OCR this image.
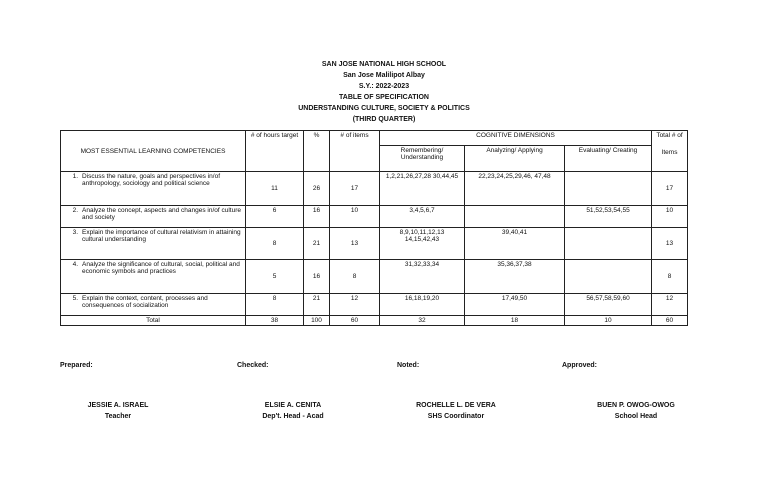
SAN JOSE NATIONAL HIGH SCHOOL
San Jose Malilipot Albay
S.Y.: 2022-2023
TABLE OF SPECIFICATION
UNDERSTANDING CULTURE, SOCIETY & POLITICS
(THIRD QUARTER)
MOST ESSENTIAL LEARNING COMPETENCIES	# of hours target	%	# of items	COGNITIVE DIMENSIONS			Total # of
Items

				Remembering/ Understanding	Analyzing/ Applying	Evaluating/ Creating	

1. Discuss the nature, goals and perspectives in/of anthropology, sociology and political science	11	26	17	1,2,21,26,27,28 30,44,45	22,23,24,25,29,46, 47,48		17

2. Analyze the concept, aspects and changes in/of culture and society	6	16	10	3,4,5,6,7		51,52,53,54,55	10

3. Explain the importance of cultural relativism in attaining cultural understanding	8	21	13	8,9,10,11,12,13 14,15,42,43	39,40,41		13

4. Analyze the significance of cultural, social, political and economic symbols and practices	5	16	8	31,32,33,34	35,36,37,38		8

5. Explain the context, content, processes and consequences of socialization	8	21	12	16,18,19,20	17,49,50	56,57,58,59,60	12
Total	38	100	60	32	18	10	60
Prepared:	Checked:	Noted:	Approved:
JESSIE A. ISRAEL
Teacher
ELSIE A. CENITA
Dep't. Head - Acad
ROCHELLE L. DE VERA
SHS Coordinator
BUEN P. OWOG-OWOG
School Head
